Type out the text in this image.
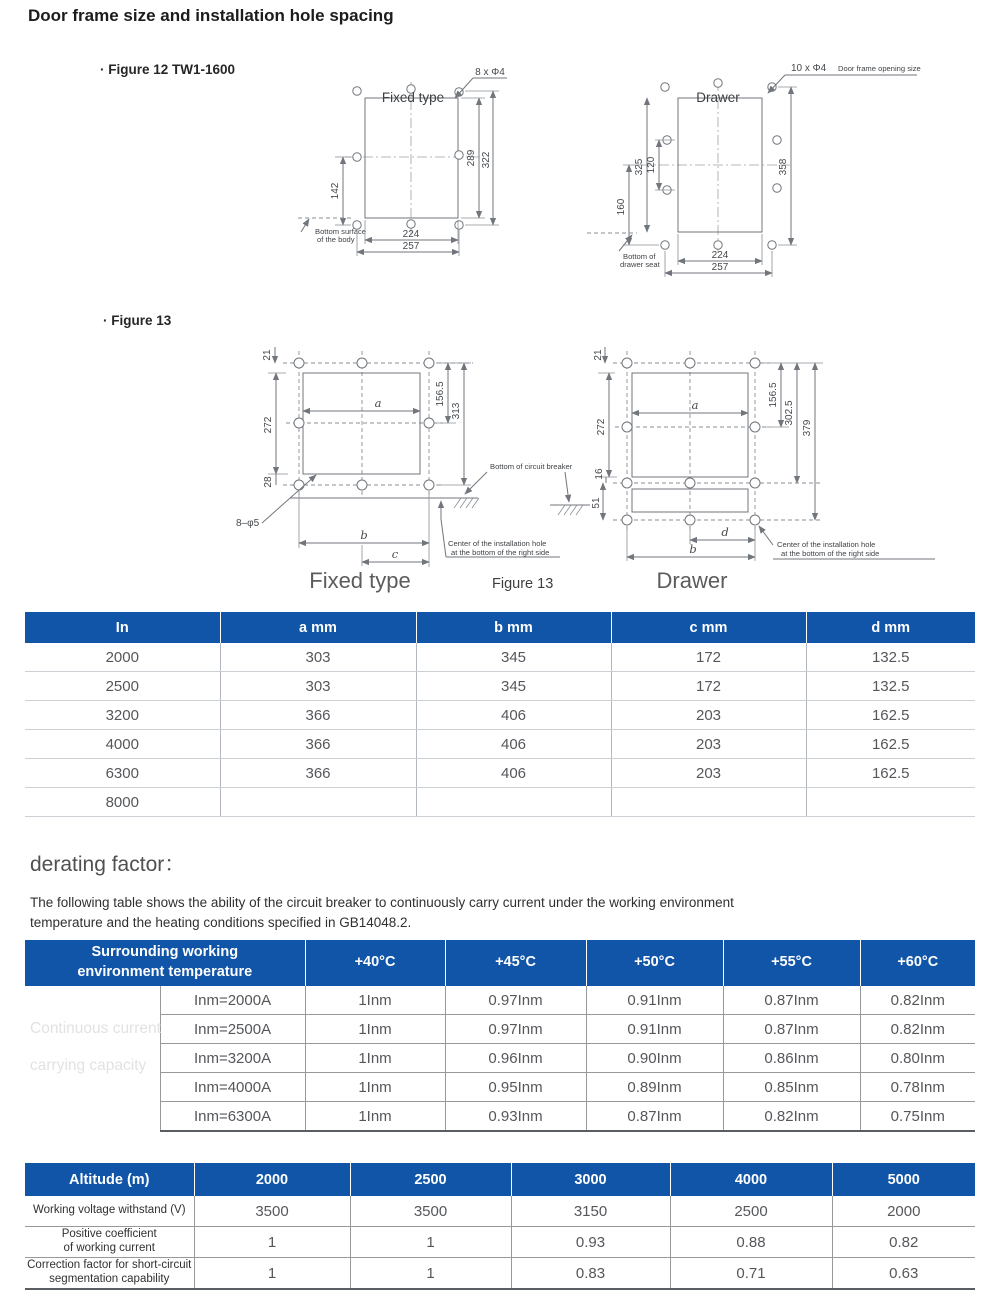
Door frame size and installation hole spacing
· Figure 12 TW1-1600
· Figure 13
8 x Φ4
Fixed type
289 322
142
Bottom surface
of the body	224
257
10 x Φ4 Door frame opening size
Drawer
325 120
160
358
224
257
Bottom of
drawer seat
21
272
28
a	156.5
313
Bottom of circuit breaker
8–φ5
b
c
Center of the installation hole
at the bottom of the right side
21
272
16
51
156.5
302.5
379
a
d
b	Center of the installation hole
at the bottom of the right side
Fixed type	Figure 13	Drawer
In	a mm	b mm	c mm	d mm
2000	303	345	172	132.5
2500	303	345	172	132.5
3200	366	406	203	162.5
4000	366	406	203	162.5
6300	366	406	203	162.5
8000				
derating factor：
The following table shows the ability of the circuit breaker to continuously carry current under the working environment
temperature and the heating conditions specified in GB14048.2.
Surrounding working
environment temperature		+40°C	+45°C	+50°C	+55°C	+60°C
	Inm=2000A	1Inm	0.97Inm	0.91Inm	0.87Inm	0.82Inm
	Inm=2500A	1Inm	0.97Inm	0.91Inm	0.87Inm	0.82Inm
	Inm=3200A	1Inm	0.96Inm	0.90Inm	0.86Inm	0.80Inm
	Inm=4000A	1Inm	0.95Inm	0.89Inm	0.85Inm	0.78Inm
	Inm=6300A	1Inm	0.93Inm	0.87Inm	0.82Inm	0.75Inm
Continuous current
carrying capacity
Altitude (m)	2000	2500	3000	4000	5000
Working voltage withstand (V)	3500	3500	3150	2500	2000
Positive coefficient
of working current	1	1	0.93	0.88	0.82
Correction factor for short-circuit
segmentation capability	1	1	0.83	0.71	0.63
